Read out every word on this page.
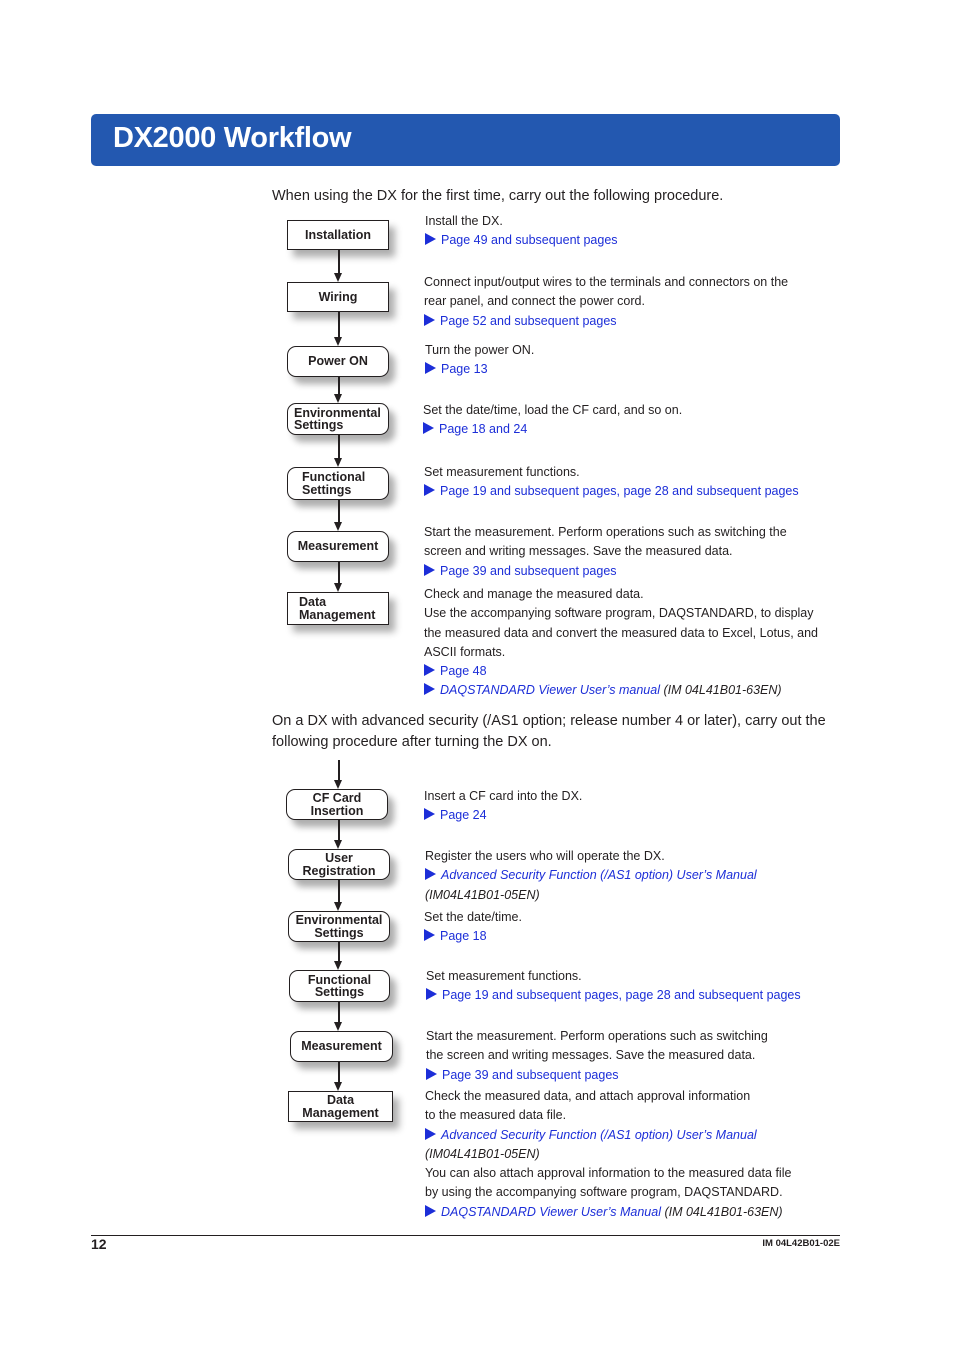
DX2000 Workflow

When using the DX for the first time, carry out the following procedure.

Installation

Install the DX.

Page 49 and subsequent pages

Wiring

Connect input/output wires to the terminals and connectors on the

rear panel, and connect the power cord.

Page 52 and subsequent pages

Power ON

Turn the power ON.

Page 13

Environmental
Settings

Set the date/time, load the CF card, and so on.

Page 18 and 24

Functional
Settings

Set measurement functions.

Page 19 and subsequent pages, page 28 and subsequent pages

Measurement

Start the measurement. Perform operations such as switching the

screen and writing messages. Save the measured data.

Page 39 and subsequent pages

Data
Management

Check and manage the measured data.

Use the accompanying software program, DAQSTANDARD, to display

the measured data and convert the measured data to Excel, Lotus, and

ASCII formats.

Page 48

DAQSTANDARD Viewer User’s manual (IM 04L41B01-63EN)

On a DX with advanced security (/AS1 option; release number 4 or later), carry out the following procedure after turning the DX on.

CF Card
Insertion

Insert a CF card into the DX.

Page 24

User
Registration

Register the users who will operate the DX.

Advanced Security Function (/AS1 option) User’s Manual

(IM04L41B01-05EN)

Environmental
Settings

Set the date/time.

Page 18

Functional
Settings

Set measurement functions.

Page 19 and subsequent pages, page 28 and subsequent pages

Measurement

Start the measurement. Perform operations such as switching

the screen and writing messages. Save the measured data.

Page 39 and subsequent pages

Data
Management

Check the measured data, and attach approval information

to the measured data file.

Advanced Security Function (/AS1 option) User’s Manual

(IM04L41B01-05EN)

You can also attach approval information to the measured data file

by using the accompanying software program, DAQSTANDARD.

DAQSTANDARD Viewer User’s Manual (IM 04L41B01-63EN)

12	IM 04L42B01-02E
